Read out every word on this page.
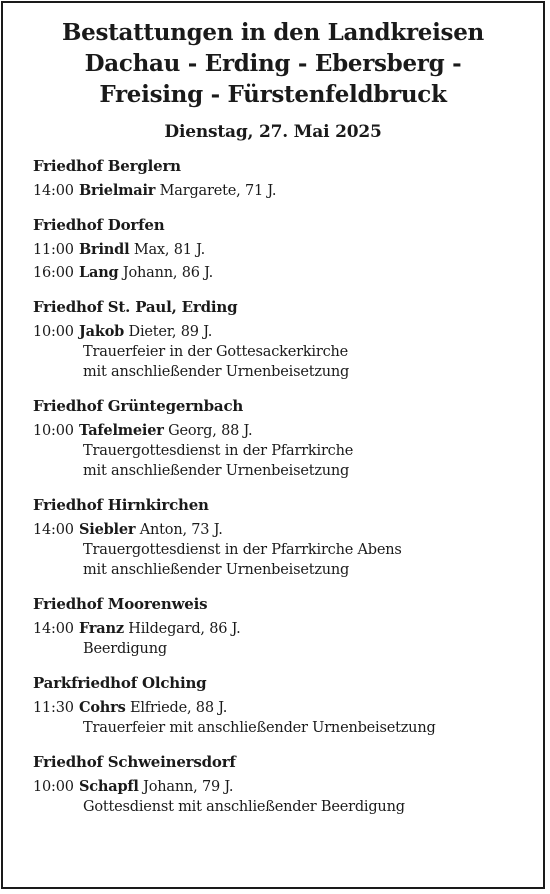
Bestattungen in den Landkreisen
Dachau - Erding - Ebersberg -
Freising - Fürstenfeldbruck
Dienstag, 27. Mai 2025
Friedhof Berglern
14:00 Brielmair Margarete, 71 J.
Friedhof Dorfen
11:00 Brindl Max, 81 J.
16:00 Lang Johann, 86 J.
Friedhof St. Paul, Erding
10:00 Jakob Dieter, 89 J.
Trauerfeier in der Gottesackerkirche
mit anschließender Urnenbeisetzung
Friedhof Grüntegernbach
10:00 Tafelmeier Georg, 88 J.
Trauergottesdienst in der Pfarrkirche
mit anschließender Urnenbeisetzung
Friedhof Hirnkirchen
14:00 Siebler Anton, 73 J.
Trauergottesdienst in der Pfarrkirche Abens
mit anschließender Urnenbeisetzung
Friedhof Moorenweis
14:00 Franz Hildegard, 86 J.
Beerdigung
Parkfriedhof Olching
11:30 Cohrs Elfriede, 88 J.
Trauerfeier mit anschließender Urnenbeisetzung
Friedhof Schweinersdorf
10:00 Schapfl Johann, 79 J.
Gottesdienst mit anschließender Beerdigung
